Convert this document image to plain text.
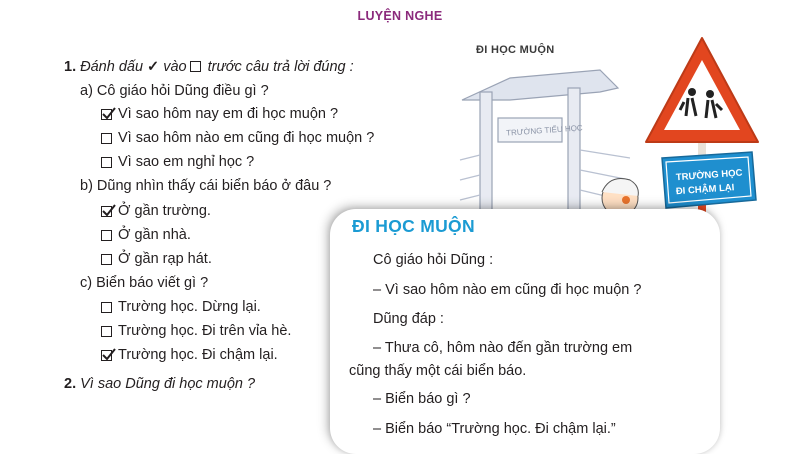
LUYỆN NGHE
1. Đánh dấu ✓ vào trước câu trả lời đúng :
a) Cô giáo hỏi Dũng điều gì ?
Vì sao hôm nay em đi học muộn ?
Vì sao hôm nào em cũng đi học muộn ?
Vì sao em nghỉ học ?
b) Dũng nhìn thấy cái biển báo ở đâu ?
Ở gần trường.
Ở gần nhà.
Ở gần rạp hát.
c) Biển báo viết gì ?
Trường học. Dừng lại.
Trường học. Đi trên vỉa hè.
Trường học. Đi chậm lại.
2. Vì sao Dũng đi học muộn ?
ĐI HỌC MUỘN
TRƯỜNG TIỂU HỌC
TRƯỜNG HỌC
ĐI CHẬM LẠI
ĐI HỌC MUỘN
Cô giáo hỏi Dũng :
– Vì sao hôm nào em cũng đi học muộn ?
Dũng đáp :
– Thưa cô, hôm nào đến gần trường em
cũng thấy một cái biển báo.
– Biển báo gì ?
– Biển báo “Trường học. Đi chậm lại.”
